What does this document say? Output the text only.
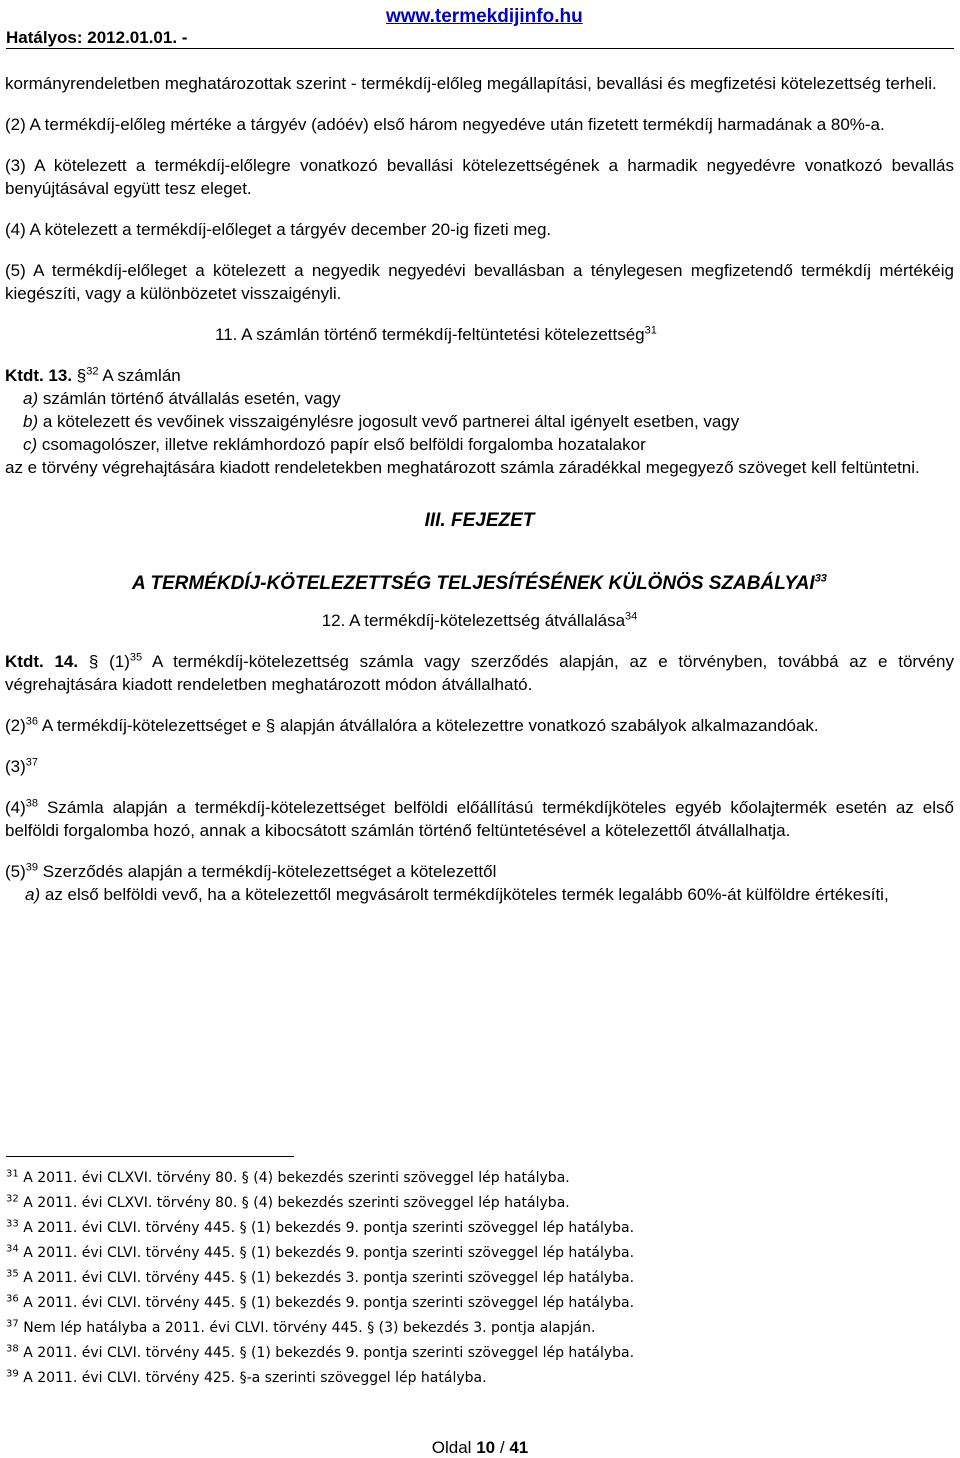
Hatályos: 2012.01.01. -
www.termekdijinfo.hu

kormányrendeletben meghatározottak szerint - termékdíj-előleg megállapítási, bevallási és megfizetési kötelezettség terheli.

(2) A termékdíj-előleg mértéke a tárgyév (adóév) első három negyedéve után fizetett termékdíj harmadának a 80%-a.

(3) A kötelezett a termékdíj-előlegre vonatkozó bevallási kötelezettségének a harmadik negyedévre vonatkozó bevallás benyújtásával együtt tesz eleget.

(4) A kötelezett a termékdíj-előleget a tárgyév december 20-ig fizeti meg.

(5) A termékdíj-előleget a kötelezett a negyedik negyedévi bevallásban a ténylegesen megfizetendő termékdíj mértékéig kiegészíti, vagy a különbözetet visszaigényli.

11. A számlán történő termékdíj-feltüntetési kötelezettség$^{31}$
Ktdt. 13. §$^{32}$ A számlán
a) számlán történő átvállalás esetén, vagy
b) a kötelezett és vevőinek visszaigénylésre jogosult vevő partnerei által igényelt esetben, vagy
c) csomagolószer, illetve reklámhordozó papír első belföldi forgalomba hozatalakor
az e törvény végrehajtására kiadott rendeletekben meghatározott számla záradékkal megegyező szöveget kell feltüntetni.
III. FEJEZET
A TERMÉKDÍJ-KÖTELEZETTSÉG TELJESÍTÉSÉNEK KÜLÖNÖS SZABÁLYAI$^{33}$
12. A termékdíj-kötelezettség átvállalása$^{34}$

Ktdt. 14. § $(1)^{35}$ A termékdíj-kötelezettség számla vagy szerződés alapján, az e törvényben, továbbá az e törvény végrehajtására kiadott rendeletben meghatározott módon átvállalható.

$(2)^{36}$ A termékdíj-kötelezettséget e § alapján átvállalóra a kötelezettre vonatkozó szabályok alkalmazandóak.

$(3)^{37}$

$(4)^{38}$ Számla alapján a termékdíj-kötelezettséget belföldi előállítású termékdíjköteles egyéb kőolajtermék esetén az első belföldi forgalomba hozó, annak a kibocsátott számlán történő feltüntetésével a kötelezettől átvállalhatja.

$(5)^{39}$ Szerződés alapján a termékdíj-kötelezettséget a kötelezettől
a) az első belföldi vevő, ha a kötelezettől megvásárolt termékdíjköteles termék legalább 60%-át külföldre értékesíti,
$^{31}$ A 2011. évi CLXVI. törvény 80. § (4) bekezdés szerinti szöveggel lép hatályba.
$^{32}$ A 2011. évi CLXVI. törvény 80. § (4) bekezdés szerinti szöveggel lép hatályba.
$^{33}$ A 2011. évi CLVI. törvény 445. § (1) bekezdés 9. pontja szerinti szöveggel lép hatályba.
$^{34}$ A 2011. évi CLVI. törvény 445. § (1) bekezdés 9. pontja szerinti szöveggel lép hatályba.
$^{35}$ A 2011. évi CLVI. törvény 445. § (1) bekezdés 3. pontja szerinti szöveggel lép hatályba.
$^{36}$ A 2011. évi CLVI. törvény 445. § (1) bekezdés 9. pontja szerinti szöveggel lép hatályba.
$^{37}$ Nem lép hatályba a 2011. évi CLVI. törvény 445. § (3) bekezdés 3. pontja alapján.
$^{38}$ A 2011. évi CLVI. törvény 445. § (1) bekezdés 9. pontja szerinti szöveggel lép hatályba.
$^{39}$ A 2011. évi CLVI. törvény 425. §-a szerinti szöveggel lép hatályba.
Oldal 10 / 41
